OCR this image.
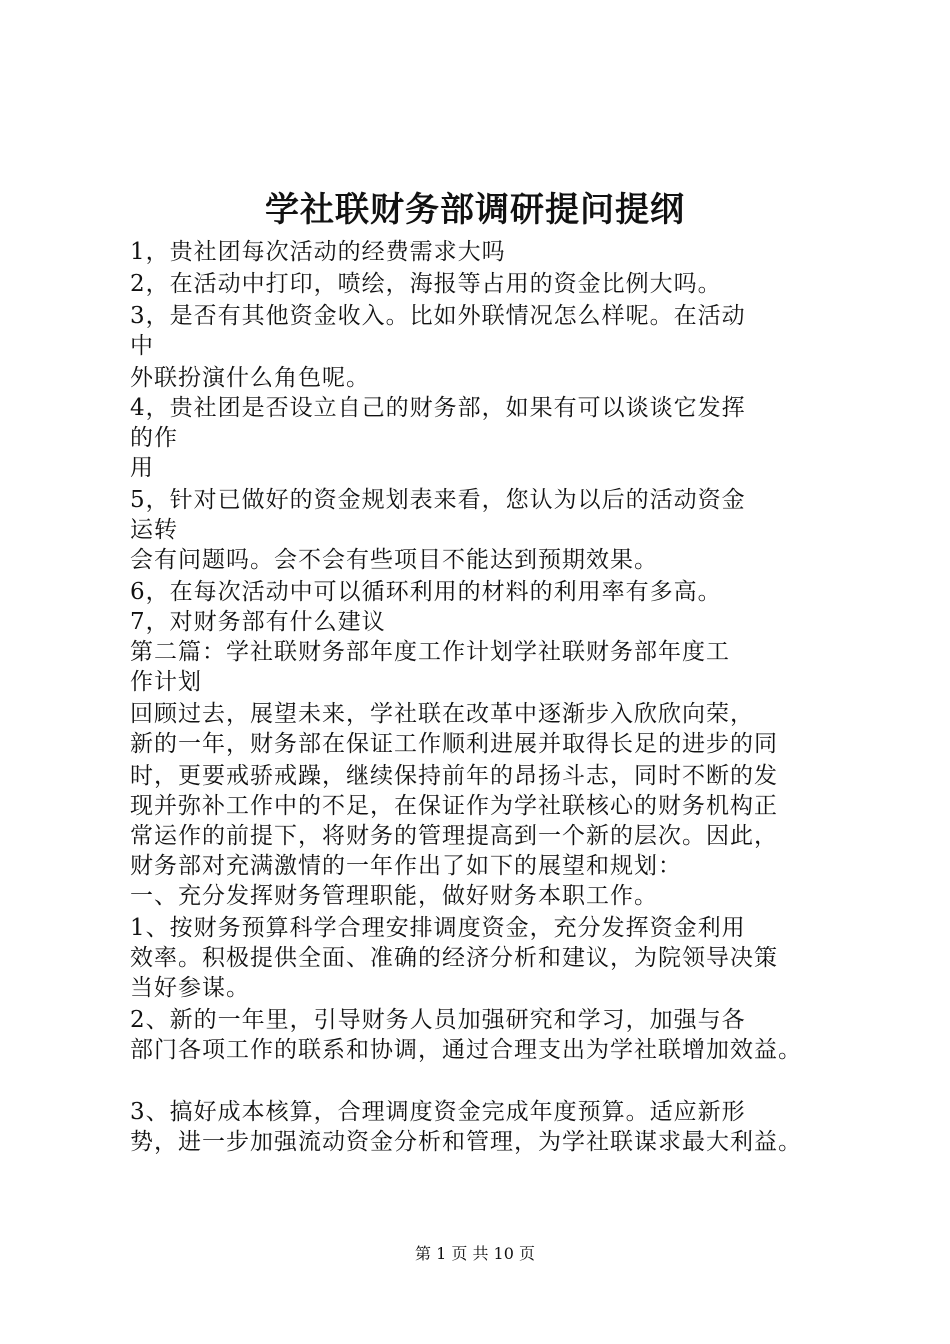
学社联财务部调研提问提纲
1，贵社团每次活动的经费需求大吗
2，在活动中打印，喷绘，海报等占用的资金比例大吗。
3，是否有其他资金收入。比如外联情况怎么样呢。在活动
中
外联扮演什么角色呢。
4，贵社团是否设立自己的财务部，如果有可以谈谈它发挥
的作
用
5，针对已做好的资金规划表来看，您认为以后的活动资金
运转
会有问题吗。会不会有些项目不能达到预期效果。
6，在每次活动中可以循环利用的材料的利用率有多高。
7，对财务部有什么建议
第二篇：学社联财务部年度工作计划学社联财务部年度工
作计划
回顾过去，展望未来，学社联在改革中逐渐步入欣欣向荣，
新的一年，财务部在保证工作顺利进展并取得长足的进步的同
时，更要戒骄戒躁，继续保持前年的昂扬斗志，同时不断的发
现并弥补工作中的不足，在保证作为学社联核心的财务机构正
常运作的前提下，将财务的管理提高到一个新的层次。因此，
财务部对充满激情的一年作出了如下的展望和规划：
一、充分发挥财务管理职能，做好财务本职工作。
1、按财务预算科学合理安排调度资金，充分发挥资金利用
效率。积极提供全面、准确的经济分析和建议，为院领导决策
当好参谋。
2、新的一年里，引导财务人员加强研究和学习，加强与各
部门各项工作的联系和协调，通过合理支出为学社联增加效益。
3、搞好成本核算，合理调度资金完成年度预算。适应新形
势，进一步加强流动资金分析和管理，为学社联谋求最大利益。
第 1 页 共 10 页
